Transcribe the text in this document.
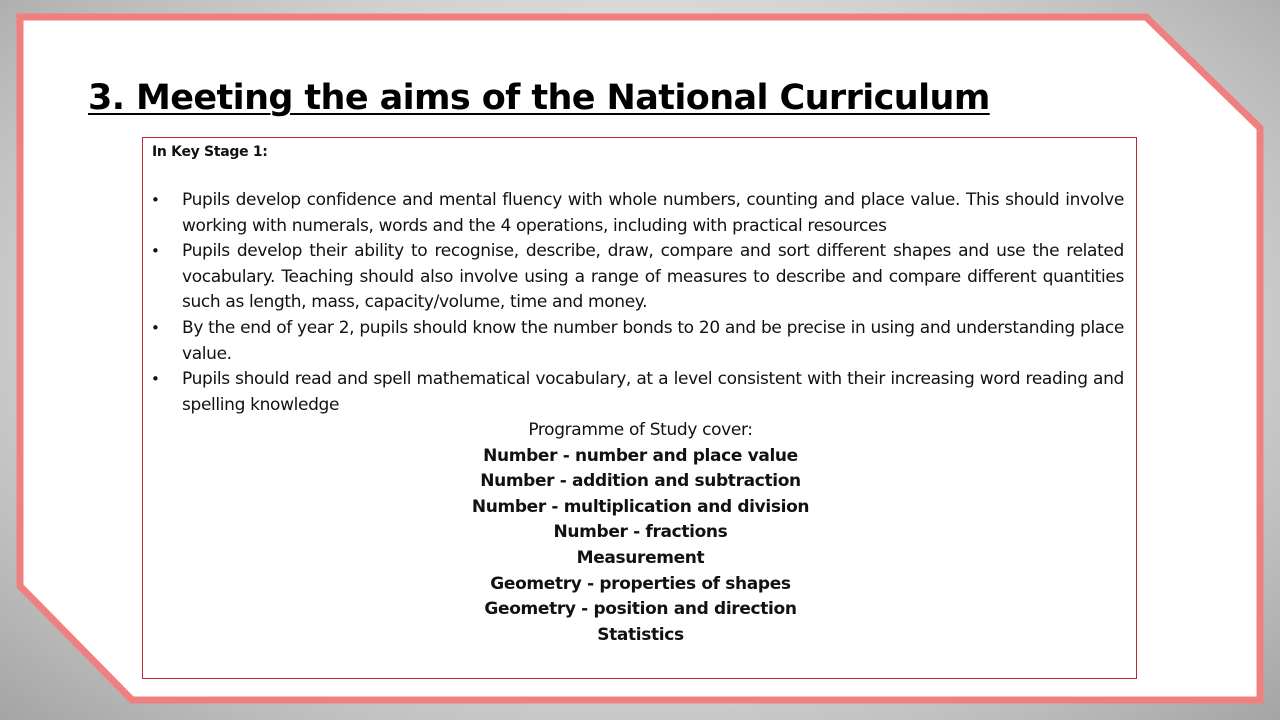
3. Meeting the aims of the National Curriculum
In Key Stage 1:
• Pupils develop confidence and mental fluency with whole numbers, counting and place value. This should involve working with numerals, words and the 4 operations, including with practical resources
• Pupils develop their ability to recognise, describe, draw, compare and sort different shapes and use the related vocabulary. Teaching should also involve using a range of measures to describe and compare different quantities such as length, mass, capacity/volume, time and money.
• By the end of year 2, pupils should know the number bonds to 20 and be precise in using and understanding place value.
• Pupils should read and spell mathematical vocabulary, at a level consistent with their increasing word reading and spelling knowledge
Programme of Study cover:
Number - number and place value
Number - addition and subtraction
Number - multiplication and division
Number - fractions
Measurement
Geometry - properties of shapes
Geometry - position and direction
Statistics
